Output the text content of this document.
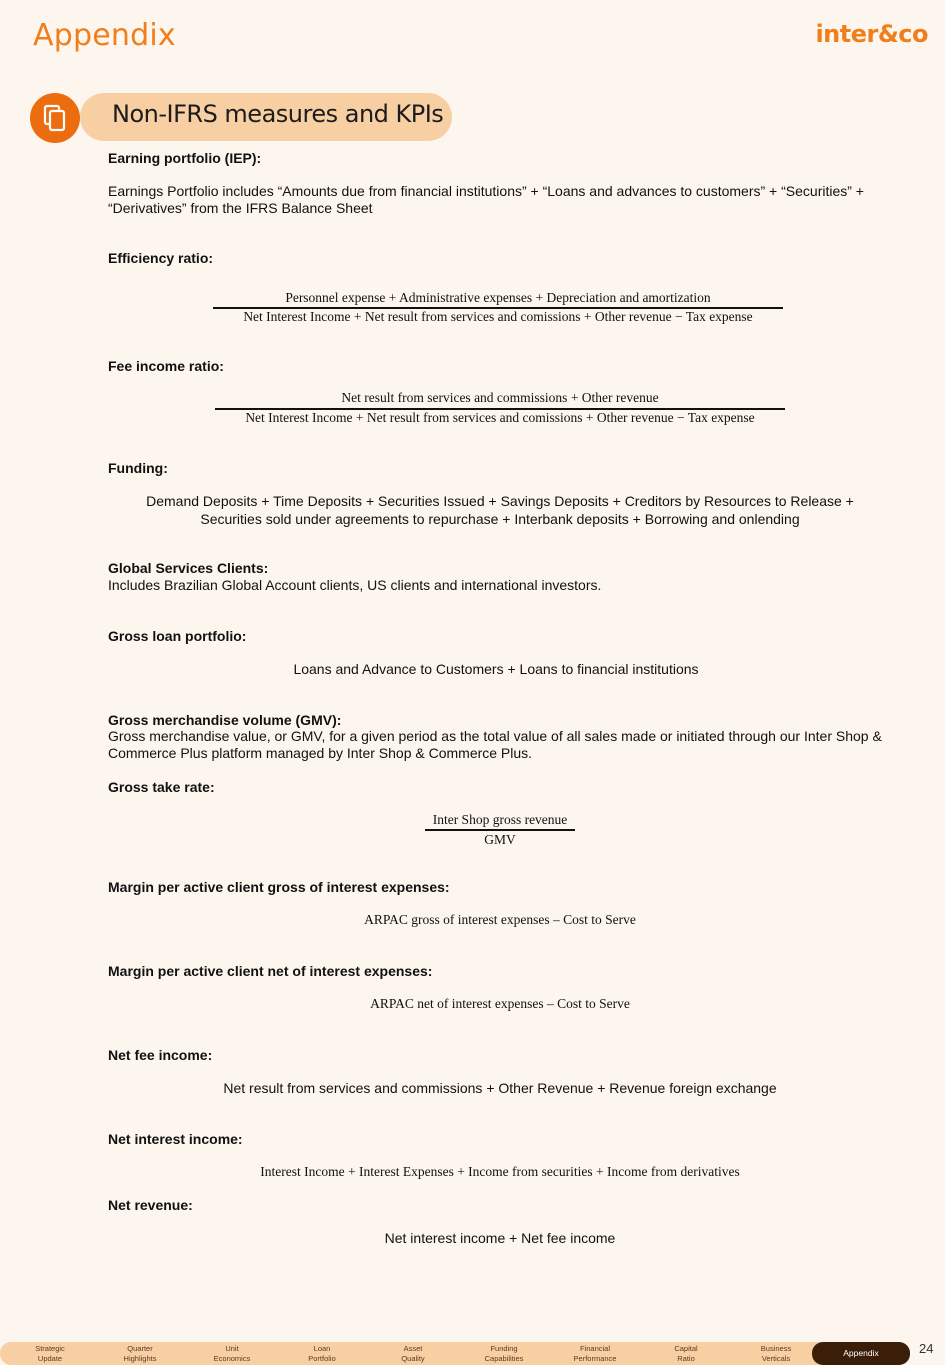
Appendix	inter&co
Non-IFRS measures and KPIs
Earning portfolio (IEP):
Earnings Portfolio includes “Amounts due from financial institutions” + “Loans and advances to customers” + “Securities” + “Derivatives” from the IFRS Balance Sheet
Efficiency ratio:
Personnel expense + Administrative expenses + Depreciation and amortization
Net Interest Income + Net result from services and comissions + Other revenue − Tax expense
Fee income ratio:
Net result from services and commissions + Other revenue
Net Interest Income + Net result from services and comissions + Other revenue − Tax expense
Funding:
Demand Deposits + Time Deposits + Securities Issued + Savings Deposits + Creditors by Resources to Release +
Securities sold under agreements to repurchase + Interbank deposits + Borrowing and onlending
Global Services Clients:
Includes Brazilian Global Account clients, US clients and international investors.
Gross loan portfolio:
Loans and Advance to Customers + Loans to financial institutions
Gross merchandise volume (GMV):
Gross merchandise value, or GMV, for a given period as the total value of all sales made or initiated through our Inter Shop & Commerce Plus platform managed by Inter Shop & Commerce Plus.
Gross take rate:
Inter Shop gross revenue
GMV
Margin per active client gross of interest expenses:
ARPAC gross of interest expenses – Cost to Serve
Margin per active client net of interest expenses:
ARPAC net of interest expenses – Cost to Serve
Net fee income:
Net result from services and commissions + Other Revenue + Revenue foreign exchange
Net interest income:
Interest Income + Interest Expenses + Income from securities + Income from derivatives
Net revenue:
Net interest income + Net fee income
Strategic
Update
Quarter
Highlights
Unit
Economics
Loan
Portfolio
Asset
Quality
Funding
Capabilities
Financial
Performance
Capital
Ratio
Business
Verticals	Appendix	24
